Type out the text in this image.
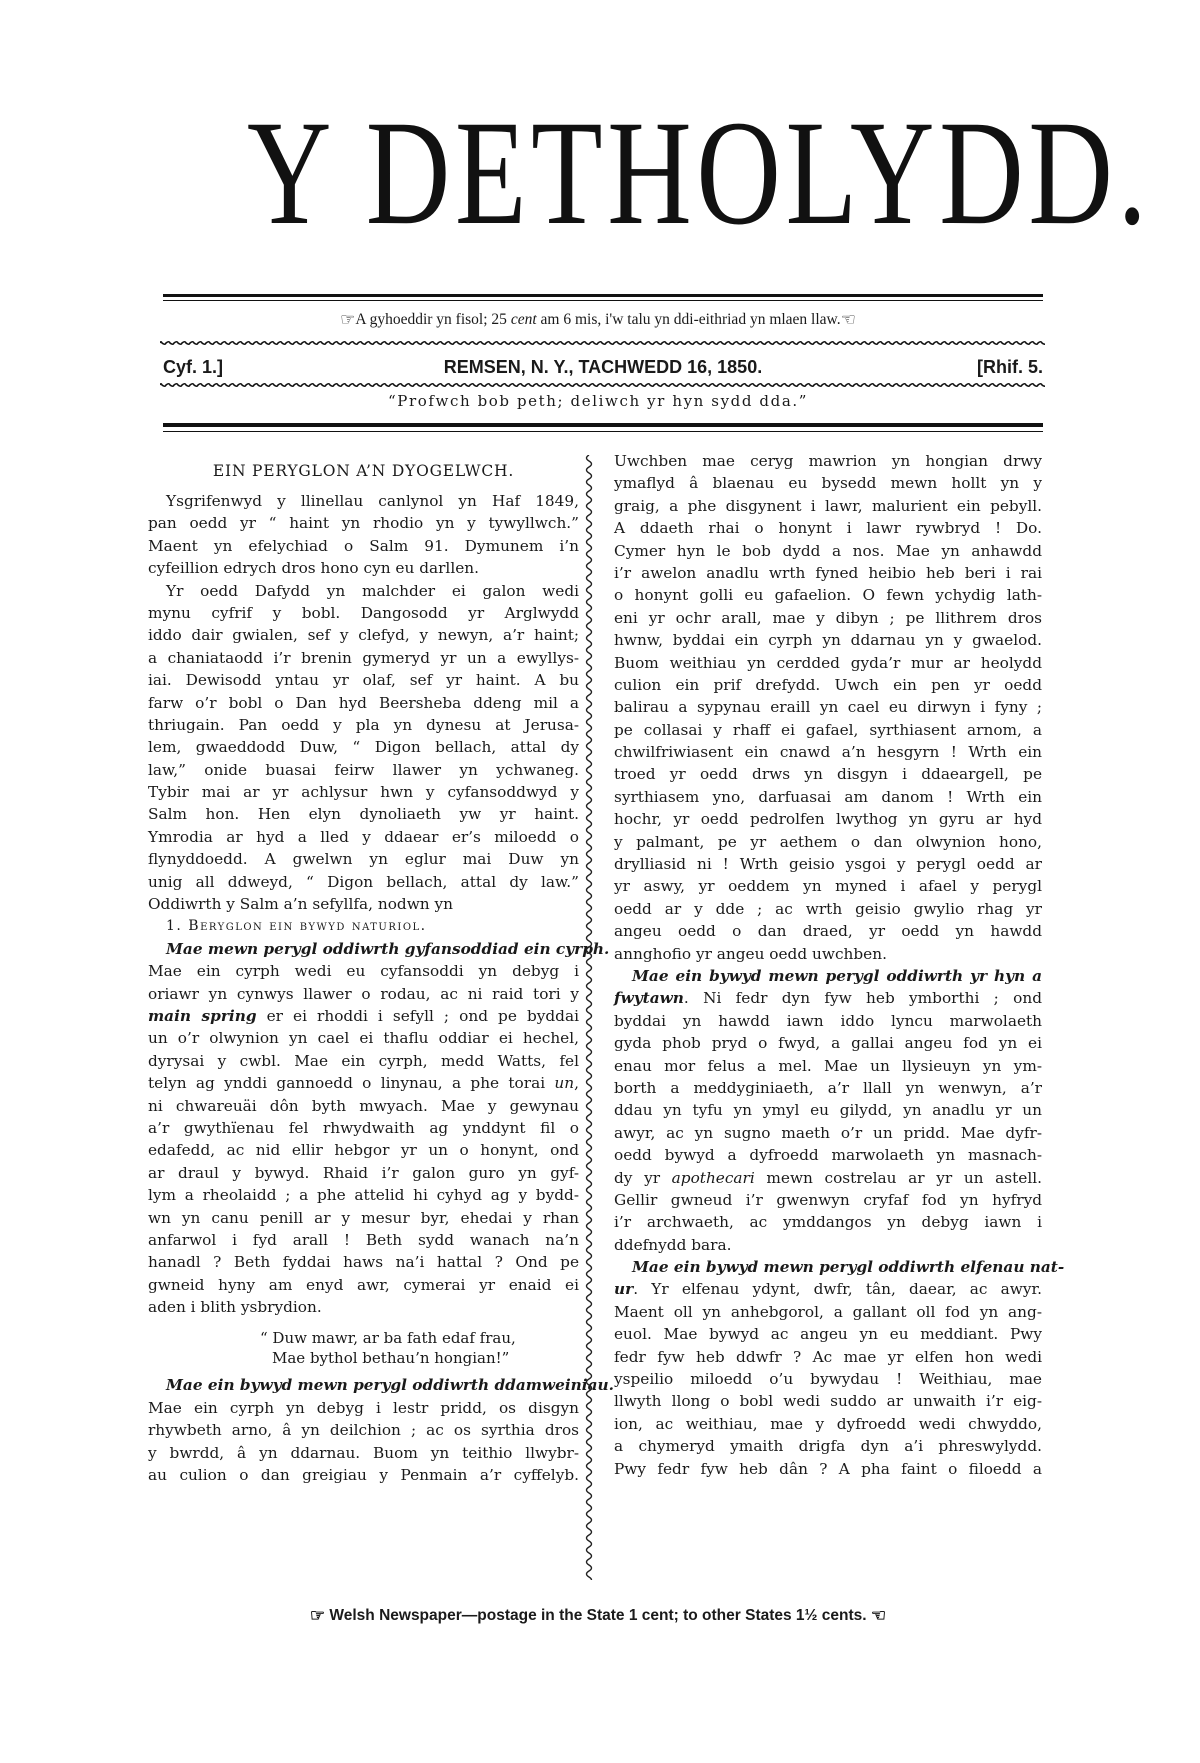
Y DETHOLYDD.
☞A gyhoeddir yn fisol; 25 cent am 6 mis, i'w talu yn ddi-eithriad yn mlaen llaw.☜
Cyf. 1.]	REMSEN, N. Y., TACHWEDD 16, 1850.	[Rhif. 5.
“Profwch bob peth; deliwch yr hyn sydd dda.”
EIN PERYGLON A’N DYOGELWCH.
Ysgrifenwyd y llinellau canlynol yn Haf 1849,
pan oedd yr “ haint yn rhodio yn y tywyllwch.”
Maent yn efelychiad o Salm 91. Dymunem i’n
cyfeillion edrych dros hono cyn eu darllen.
Yr oedd Dafydd yn malchder ei galon wedi
mynu cyfrif y bobl. Dangosodd yr Arglwydd
iddo dair gwialen, sef y clefyd, y newyn, a’r haint;
a chaniataodd i’r brenin gymeryd yr un a ewyllys-
iai. Dewisodd yntau yr olaf, sef yr haint. A bu
farw o’r bobl o Dan hyd Beersheba ddeng mil a
thriugain. Pan oedd y pla yn dynesu at Jerusa-
lem, gwaeddodd Duw, “ Digon bellach, attal dy
law,” onide buasai feirw llawer yn ychwaneg.
Tybir mai ar yr achlysur hwn y cyfansoddwyd y
Salm hon. Hen elyn dynoliaeth yw yr haint.
Ymrodia ar hyd a lled y ddaear er’s miloedd o
flynyddoedd. A gwelwn yn eglur mai Duw yn
unig all ddweyd, “ Digon bellach, attal dy law.”
Oddiwrth y Salm a’n sefyllfa, nodwn yn
1. Beryglon ein bywyd naturiol.
Mae mewn perygl oddiwrth gyfansoddiad ein cyrph.
Mae ein cyrph wedi eu cyfansoddi yn debyg i
oriawr yn cynwys llawer o rodau, ac ni raid tori y
main spring er ei rhoddi i sefyll ; ond pe byddai
un o’r olwynion yn cael ei thaflu oddiar ei hechel,
dyrysai y cwbl. Mae ein cyrph, medd Watts, fel
telyn ag ynddi gannoedd o linynau, a phe torai un,
ni chwareuäi dôn byth mwyach. Mae y gewynau
a’r gwythïenau fel rhwydwaith ag ynddynt fil o
edafedd, ac nid ellir hebgor yr un o honynt, ond
ar draul y bywyd. Rhaid i’r galon guro yn gyf-
lym a rheolaidd ; a phe attelid hi cyhyd ag y bydd-
wn yn canu penill ar y mesur byr, ehedai y rhan
anfarwol i fyd arall ! Beth sydd wanach na’n
hanadl ? Beth fyddai haws na’i hattal ? Ond pe
gwneid hyny am enyd awr, cymerai yr enaid ei
aden i blith ysbrydion.
“ Duw mawr, ar ba fath edaf frau,
Mae bythol bethau’n hongian!”
Mae ein bywyd mewn perygl oddiwrth ddamweiniau.
Mae ein cyrph yn debyg i lestr pridd, os disgyn
rhywbeth arno, â yn deilchion ; ac os syrthia dros
y bwrdd, â yn ddarnau. Buom yn teithio llwybr-
au culion o dan greigiau y Penmain a’r cyffelyb.
Uwchben mae ceryg mawrion yn hongian drwy
ymaflyd â blaenau eu bysedd mewn hollt yn y
graig, a phe disgynent i lawr, malurient ein pebyll.
A ddaeth rhai o honynt i lawr rywbryd ! Do.
Cymer hyn le bob dydd a nos. Mae yn anhawdd
i’r awelon anadlu wrth fyned heibio heb beri i rai
o honynt golli eu gafaelion. O fewn ychydig lath-
eni yr ochr arall, mae y dibyn ; pe llithrem dros
hwnw, byddai ein cyrph yn ddarnau yn y gwaelod.
Buom weithiau yn cerdded gyda’r mur ar heolydd
culion ein prif drefydd. Uwch ein pen yr oedd
balirau a sypynau eraill yn cael eu dirwyn i fyny ;
pe collasai y rhaff ei gafael, syrthiasent arnom, a
chwilfriwiasent ein cnawd a’n hesgyrn ! Wrth ein
troed yr oedd drws yn disgyn i ddaeargell, pe
syrthiasem yno, darfuasai am danom ! Wrth ein
hochr, yr oedd pedrolfen lwythog yn gyru ar hyd
y palmant, pe yr aethem o dan olwynion hono,
drylliasid ni ! Wrth geisio ysgoi y perygl oedd ar
yr aswy, yr oeddem yn myned i afael y perygl
oedd ar y dde ; ac wrth geisio gwylio rhag yr
angeu oedd o dan draed, yr oedd yn hawdd
annghofio yr angeu oedd uwchben.
Mae ein bywyd mewn perygl oddiwrth yr hyn a
fwytawn. Ni fedr dyn fyw heb ymborthi ; ond
byddai yn hawdd iawn iddo lyncu marwolaeth
gyda phob pryd o fwyd, a gallai angeu fod yn ei
enau mor felus a mel. Mae un llysieuyn yn ym-
borth a meddyginiaeth, a’r llall yn wenwyn, a’r
ddau yn tyfu yn ymyl eu gilydd, yn anadlu yr un
awyr, ac yn sugno maeth o’r un pridd. Mae dyfr-
oedd bywyd a dyfroedd marwolaeth yn masnach-
dy yr apothecari mewn costrelau ar yr un astell.
Gellir gwneud i’r gwenwyn cryfaf fod yn hyfryd
i’r archwaeth, ac ymddangos yn debyg iawn i
ddefnydd bara.
Mae ein bywyd mewn perygl oddiwrth elfenau nat-
ur. Yr elfenau ydynt, dwfr, tân, daear, ac awyr.
Maent oll yn anhebgorol, a gallant oll fod yn ang-
euol. Mae bywyd ac angeu yn eu meddiant. Pwy
fedr fyw heb ddwfr ? Ac mae yr elfen hon wedi
yspeilio miloedd o’u bywydau ! Weithiau, mae
llwyth llong o bobl wedi suddo ar unwaith i’r eig-
ion, ac weithiau, mae y dyfroedd wedi chwyddo,
a chymeryd ymaith drigfa dyn a’i phreswylydd.
Pwy fedr fyw heb dân ? A pha faint o filoedd a
☞ Welsh Newspaper—postage in the State 1 cent; to other States 1½ cents. ☜
